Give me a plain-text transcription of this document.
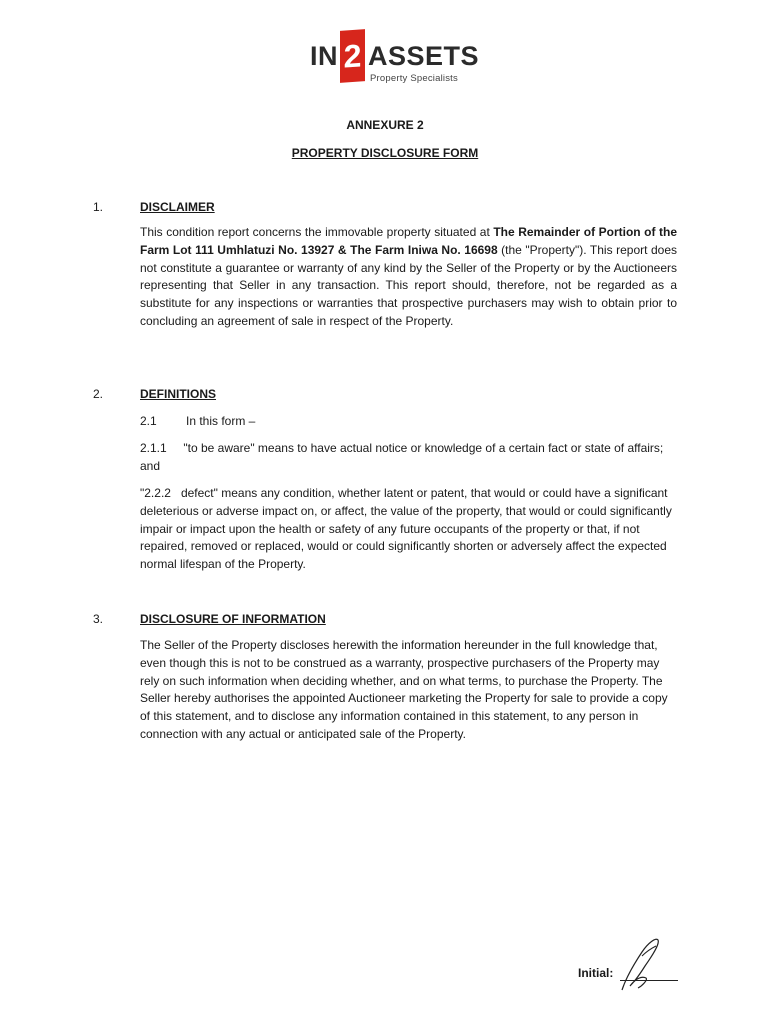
IN 2 ASSETS
Property Specialists
ANNEXURE 2
PROPERTY DISCLOSURE FORM
1.	DISCLAIMER
This condition report concerns the immovable property situated at The Remainder of Portion of the Farm Lot 111 Umhlatuzi No. 13927 & The Farm Iniwa No. 16698 (the "Property"). This report does not constitute a guarantee or warranty of any kind by the Seller of the Property or by the Auctioneers representing that Seller in any transaction. This report should, therefore, not be regarded as a substitute for any inspections or warranties that prospective purchasers may wish to obtain prior to concluding an agreement of sale in respect of the Property.
2.	DEFINITIONS
2.1 In this form –
2.1.1     "to be aware" means to have actual notice or knowledge of a certain fact or state of affairs; and
"2.2.2   defect" means any condition, whether latent or patent, that would or could have a significant deleterious or adverse impact on, or affect, the value of the property, that would or could significantly impair or impact upon the health or safety of any future occupants of the property or that, if not repaired, removed or replaced, would or could significantly shorten or adversely affect the expected normal lifespan of the Property.
3.	DISCLOSURE OF INFORMATION
The Seller of the Property discloses herewith the information hereunder in the full knowledge that, even though this is not to be construed as a warranty, prospective purchasers of the Property may rely on such information when deciding whether, and on what terms, to purchase the Property. The Seller hereby authorises the appointed Auctioneer marketing the Property for sale to provide a copy of this statement, and to disclose any information contained in this statement, to any person in connection with any actual or anticipated sale of the Property.
Initial:
